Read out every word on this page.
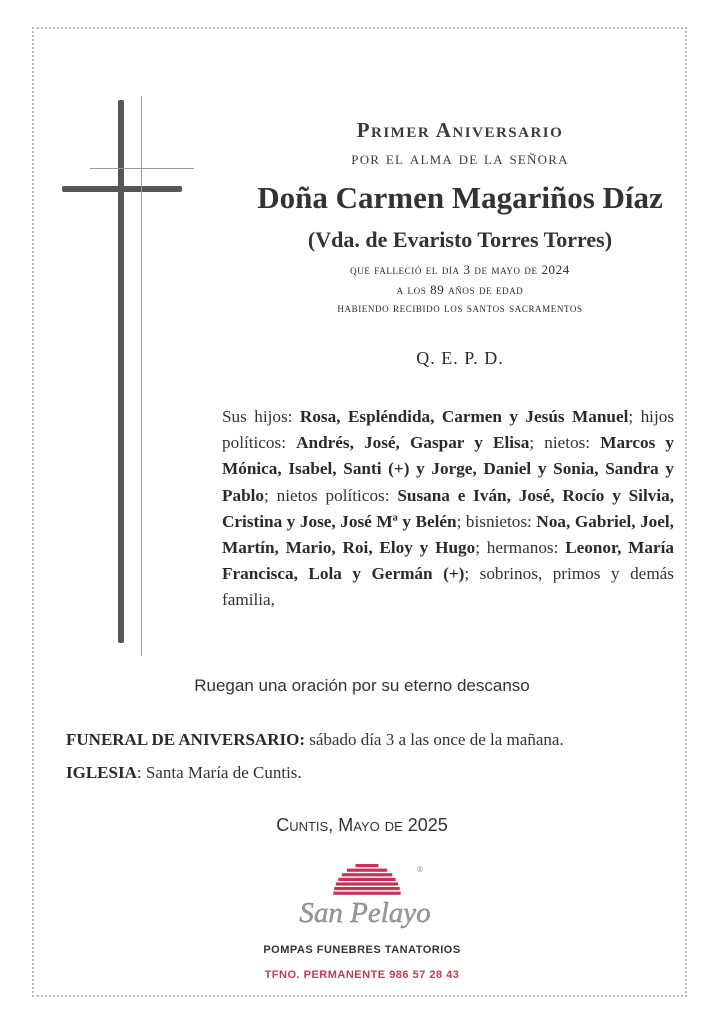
Primer Aniversario
por el alma de la señora
Doña Carmen Magariños Díaz
(Vda. de Evaristo Torres Torres)
que falleció el día 3 de mayo de 2024
a los 89 años de edad
habiendo recibido los santos sacramentos
Q. E. P. D.
Sus hijos: Rosa, Espléndida, Carmen y Jesús Manuel; hijos políticos: Andrés, José, Gaspar y Elisa; nietos: Marcos y Mónica, Isabel, Santi (+) y Jorge, Daniel y Sonia, Sandra y Pablo; nietos políticos: Susana e Iván, José, Rocío y Silvia, Cristina y Jose, José Mª y Belén; bisnietos: Noa, Gabriel, Joel, Martín, Mario, Roi, Eloy y Hugo; hermanos: Leonor, María Francisca, Lola y Germán (+); sobrinos, primos y demás familia,
Ruegan una oración por su eterno descanso
FUNERAL DE ANIVERSARIO: sábado día 3 a las once de la mañana.
IGLESIA: Santa María de Cuntis.
Cuntis, Mayo de 2025
®
San Pelayo
POMPAS FUNEBRES TANATORIOS
TFNO. PERMANENTE 986 57 28 43
